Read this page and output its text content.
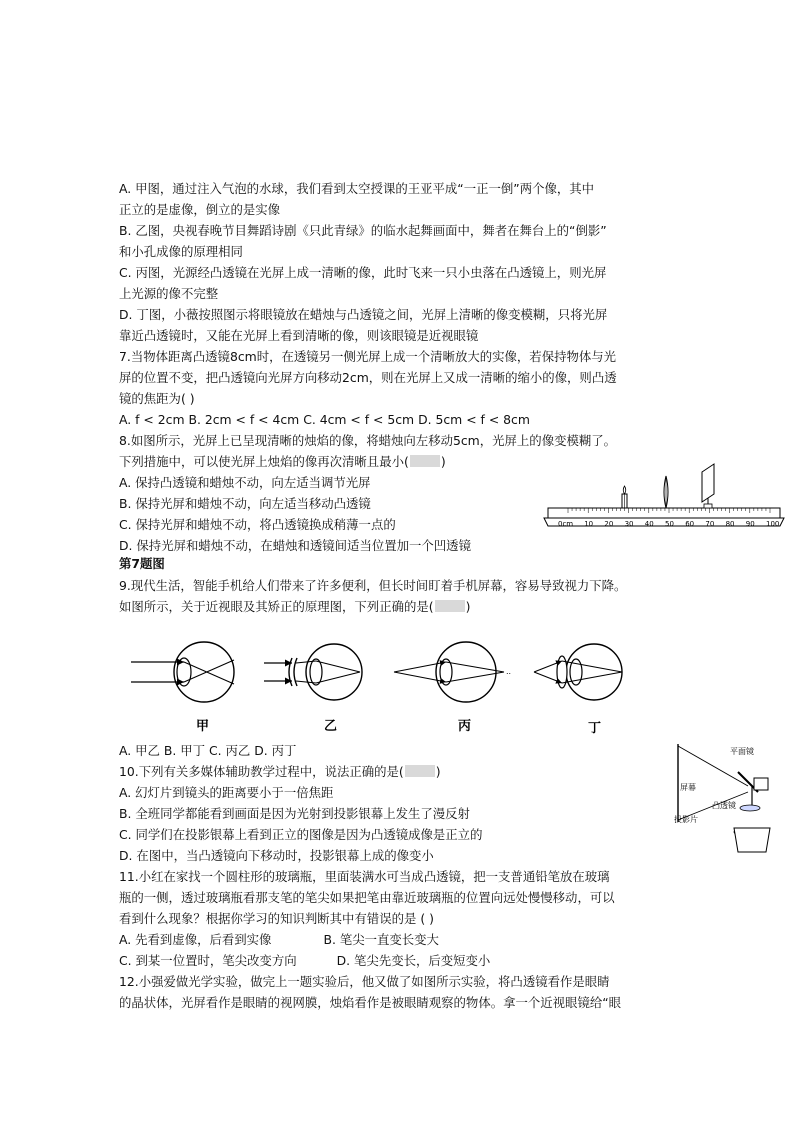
A. 甲图，通过注入气泡的水球，我们看到太空授课的王亚平成“一正一倒”两个像，其中
正立的是虚像，倒立的是实像
B. 乙图，央视春晚节目舞蹈诗剧《只此青绿》的临水起舞画面中，舞者在舞台上的“倒影”
和小孔成像的原理相同
C. 丙图，光源经凸透镜在光屏上成一清晰的像，此时飞来一只小虫落在凸透镜上，则光屏
上光源的像不完整
D. 丁图，小薇按照图示将眼镜放在蜡烛与凸透镜之间，光屏上清晰的像变模糊，只将光屏
靠近凸透镜时，又能在光屏上看到清晰的像，则该眼镜是近视眼镜
7.当物体距离凸透镜8cm时，在透镜另一侧光屏上成一个清晰放大的实像，若保持物体与光
屏的位置不变，把凸透镜向光屏方向移动2cm，则在光屏上又成一清晰的缩小的像，则凸透
镜的焦距为( )
A. f < 2cm B. 2cm < f < 4cm C. 4cm < f < 5cm D. 5cm < f < 8cm
8.如图所示，光屏上已呈现清晰的烛焰的像，将蜡烛向左移动5cm，光屏上的像变模糊了。
下列措施中，可以使光屏上烛焰的像再次清晰且最小(	)
A. 保持凸透镜和蜡烛不动，向左适当调节光屏
B. 保持光屏和蜡烛不动，向左适当移动凸透镜
C. 保持光屏和蜡烛不动，将凸透镜换成稍薄一点的
D. 保持光屏和蜡烛不动，在蜡烛和透镜间适当位置加一个凹透镜
第7题图
0cm 10 20 30 40 50 60 70 80 90 100
9.现代生活，智能手机给人们带来了许多便利，但长时间盯着手机屏幕，容易导致视力下降。
如图所示，关于近视眼及其矫正的原理图，下列正确的是(	)
甲	乙
..
丙	丁
A. 甲乙 B. 甲丁 C. 丙乙 D. 丙丁
10.下列有关多媒体辅助教学过程中，说法正确的是(	)
A. 幻灯片到镜头的距离要小于一倍焦距
B. 全班同学都能看到画面是因为光射到投影银幕上发生了漫反射
C. 同学们在投影银幕上看到正立的图像是因为凸透镜成像是正立的
D. 在图中，当凸透镜向下移动时，投影银幕上成的像变小
平面镜
屏幕
凸透镜
投影片
11.小红在家找一个圆柱形的玻璃瓶，里面装满水可当成凸透镜，把一支普通铅笔放在玻璃
瓶的一侧，透过玻璃瓶看那支笔的笔尖如果把笔由靠近玻璃瓶的位置向远处慢慢移动，可以
看到什么现象？根据你学习的知识判断其中有错误的是 ( )
A. 先看到虚像，后看到实像	B. 笔尖一直变长变大
C. 到某一位置时，笔尖改变方向	D. 笔尖先变长，后变短变小
12.小强爱做光学实验，做完上一题实验后，他又做了如图所示实验，将凸透镜看作是眼睛
的晶状体，光屏看作是眼睛的视网膜，烛焰看作是被眼睛观察的物体。拿一个近视眼镜给“眼
